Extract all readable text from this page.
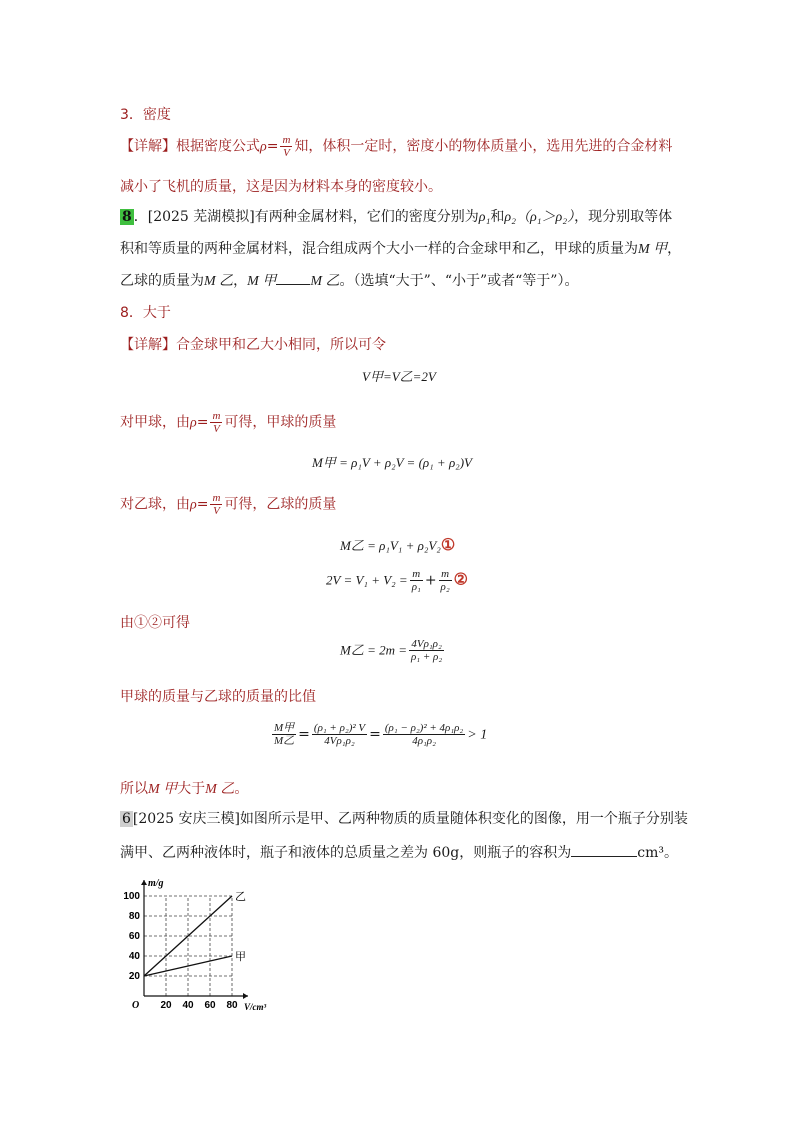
3．密度
【详解】根据密度公式$\rho= \frac{m}{V}$ 知，体积一定时，密度小的物体质量小，选用先进的合金材料
减小了飞机的质量，这是因为材料本身的密度较小。
8 ．[2025 芜湖模拟]有两种金属材料，它们的密度分别为ρ₁和ρ₂（ρ₁＞ρ₂），现分别取等体
积和等质量的两种金属材料，混合组成两个大小一样的合金球甲和乙，甲球的质量为M 甲，
乙球的质量为M 乙，M 甲 M 乙。（选填“大于”、“小于”或者“等于”）。
8．大于
【详解】合金球甲和乙大小相同，所以可令
V甲=V乙=2V
对甲球，由$\rho= \frac{m}{V}$ 可得，甲球的质量
M甲 = ρ₁V + ρ₂V = (ρ₁ + ρ₂)V
对乙球，由$\rho= \frac{m}{V}$ 可得，乙球的质量
M乙 = ρ₁V₁ + ρ₂V₂①
$2V = V_1 + V_2 = \frac{m}{\text{ρ₁}} + \frac{m}{\text{ρ₂}}$ ②
由①②可得
M乙 = $2m = \frac{\text{4Vρ₁ρ₂}}{\text{ρ₁ + ρ₂}}$
甲球的质量与乙球的质量的比值
$\frac{\text{M甲}}{\text{M乙}} = \frac{\text{(ρ₁ + ρ₂)² V}}{\text{4Vρ₁ρ₂}} = \frac{\text{(ρ₁ − ρ₂)² + 4ρ₁ρ₂}}{\text{4ρ₁ρ₂}} > 1$
所以M 甲大于M 乙。
6 [2025 安庆三模]如图所示是甲、乙两种物质的质量随体积变化的图像，用一个瓶子分别装
满甲、乙两种液体时，瓶子和液体的总质量之差为 60g，则瓶子的容积为	cm³。
20 40 60 80
20
40
60
80
100
O	V/cm³
m/g
乙
甲
